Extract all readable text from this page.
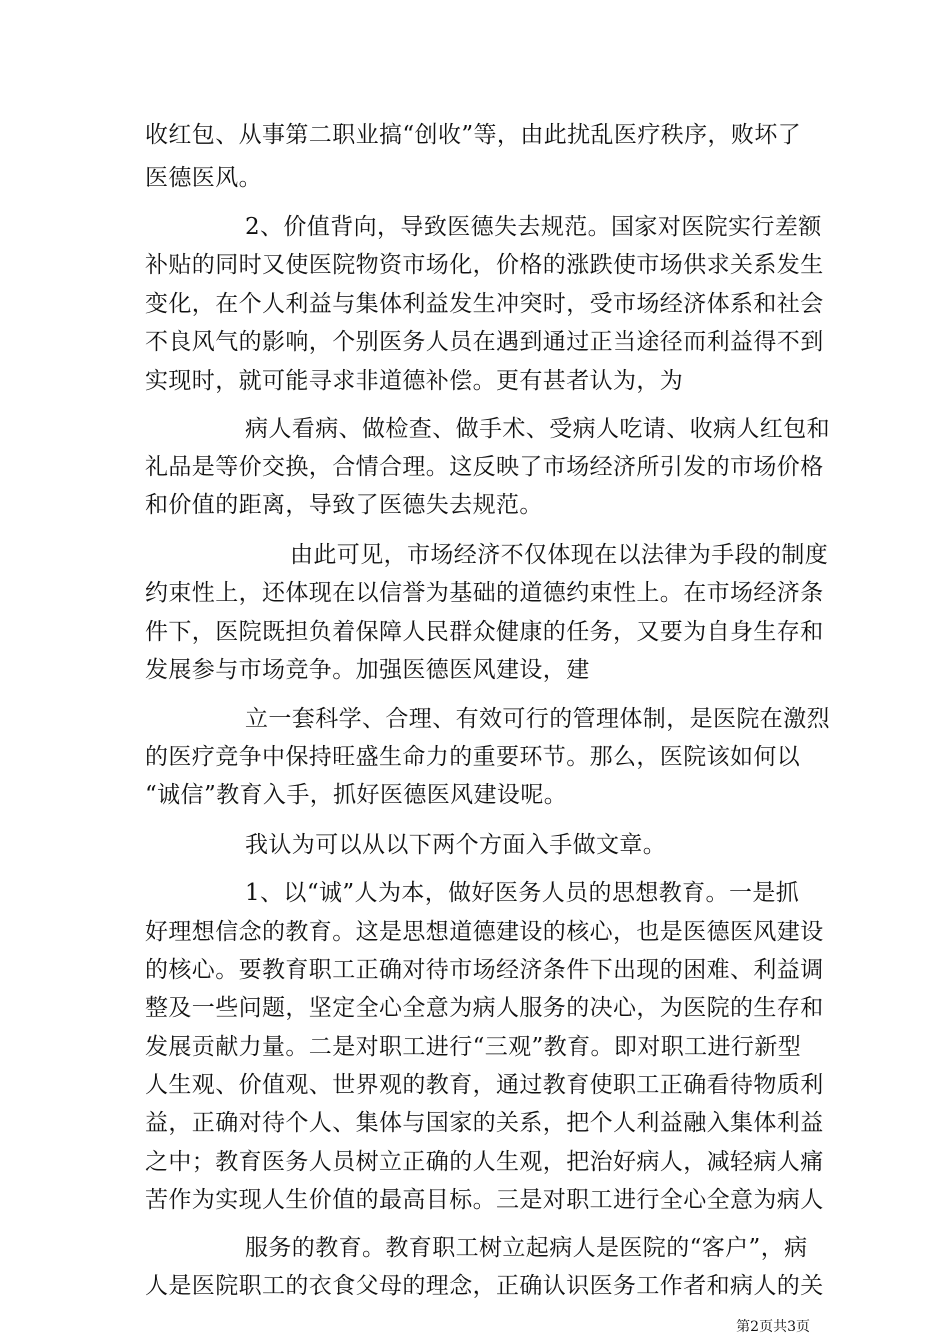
收红包、从事第二职业搞“创收”等，由此扰乱医疗秩序，败坏了
医德医风。
2、价值背向，导致医德失去规范。国家对医院实行差额
补贴的同时又使医院物资市场化，价格的涨跌使市场供求关系发生
变化，在个人利益与集体利益发生冲突时，受市场经济体系和社会
不良风气的影响，个别医务人员在遇到通过正当途径而利益得不到
实现时，就可能寻求非道德补偿。更有甚者认为，为
病人看病、做检查、做手术、受病人吃请、收病人红包和
礼品是等价交换，合情合理。这反映了市场经济所引发的市场价格
和价值的距离，导致了医德失去规范。
由此可见，市场经济不仅体现在以法律为手段的制度
约束性上，还体现在以信誉为基础的道德约束性上。在市场经济条
件下，医院既担负着保障人民群众健康的任务，又要为自身生存和
发展参与市场竞争。加强医德医风建设，建
立一套科学、合理、有效可行的管理体制，是医院在激烈
的医疗竞争中保持旺盛生命力的重要环节。那么，医院该如何以
“诚信”教育入手，抓好医德医风建设呢。
我认为可以从以下两个方面入手做文章。
1、以“诚”人为本，做好医务人员的思想教育。一是抓
好理想信念的教育。这是思想道德建设的核心，也是医德医风建设
的核心。要教育职工正确对待市场经济条件下出现的困难、利益调
整及一些问题，坚定全心全意为病人服务的决心，为医院的生存和
发展贡献力量。二是对职工进行“三观”教育。即对职工进行新型
人生观、价值观、世界观的教育，通过教育使职工正确看待物质利
益，正确对待个人、集体与国家的关系，把个人利益融入集体利益
之中；教育医务人员树立正确的人生观，把治好病人，减轻病人痛
苦作为实现人生价值的最高目标。三是对职工进行全心全意为病人
服务的教育。教育职工树立起病人是医院的“客户”，病
人是医院职工的衣食父母的理念，正确认识医务工作者和病人的关
第2页共3页
